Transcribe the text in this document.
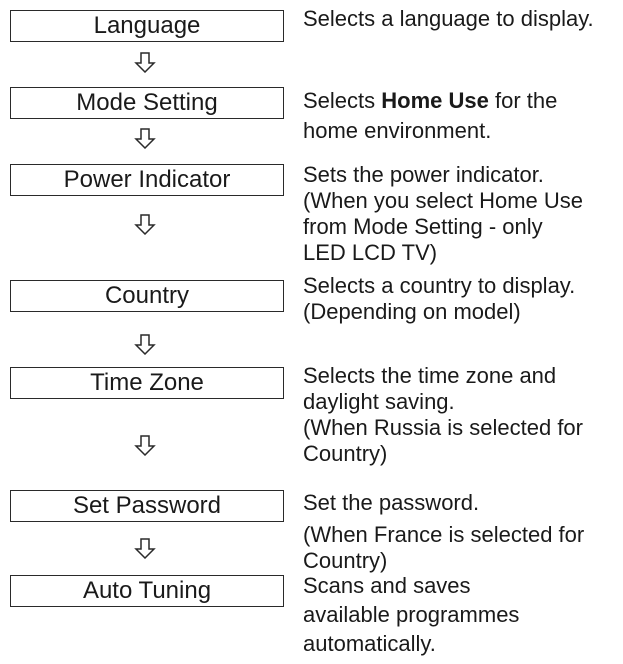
Language
Mode Setting
Power Indicator
Country
Time Zone
Set Password
Auto Tuning
Selects a language to display.
Selects Home Use for the
home environment.
Sets the power indicator.
(When you select Home Use
from Mode Setting - only
LED LCD TV)
Selects a country to display.
(Depending on model)
Selects the time zone and
daylight saving.
(When Russia is selected for
Country)
Set the password.
(When France is selected for
Country)
Scans and saves
available programmes
automatically.
